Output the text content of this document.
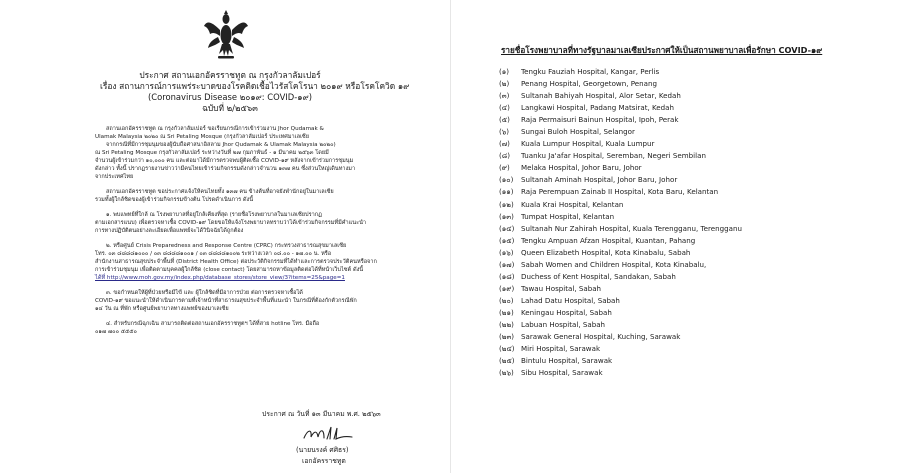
ประกาศ สถานเอกอัครราชทูต ณ กรุงกัวลาลัมเปอร์
เรื่อง สถานการณ์การแพร่ระบาดของโรคติดเชื้อไวรัสโคโรนา ๒๐๑๙ หรือโรคโควิด ๑๙
(Coronavirus Disease ๒๐๑๙: COVID-๑๙)
ฉบับที่ ๒/๒๕๖๓
สถานเอกอัครราชทูต ณ กรุงกัวลาลัมเปอร์ ขอเรียนกรณีการเข้าร่วมงาน Jhor Qudamak &
Ulamak Malaysia ๒๐๒๐ ณ Sri Petaling Mosque (กรุงกัวลาลัมเปอร์ ประเทศมาเลเซีย
จากกรณีที่มีการชุมนุมของผู้นับถือศาสนาอิสลาม Jhor Qudamak & Ulamak Malaysia ๒๐๒๐)
ณ Sri Petaling Mosque กรุงกัวลาลัมเปอร์ ระหว่างวันที่ ๒๗ กุมภาพันธ์ - ๑ มีนาคม ๒๕๖๓ โดยมี
จำนวนผู้เข้าร่วมกว่า ๑๐,๐๐๐ คน และต่อมาได้มีการตรวจพบผู้ติดเชื้อ COVID-๑๙ หลังจากเข้าร่วมการชุมนุม
ดังกล่าว ทั้งนี้ ปรากฏรายงานข่าวว่ามีคนไทยเข้าร่วมกิจกรรมดังกล่าวจำนวน ๑๓๗ คน ซึ่งส่วนใหญ่เดินทางมา
จากประเทศไทย
สถานเอกอัครราชทูต ขอประกาศแจ้งให้คนไทยทั้ง ๑๓๗ คน ข้างต้นที่อาจยังพำนักอยู่ในมาเลเซีย
รวมทั้งผู้ใกล้ชิดของผู้เข้าร่วมกิจกรรมข้างต้น โปรดดำเนินการ ดังนี้
๑. พบแพทย์ที่ใกล้ ณ โรงพยาบาลที่อยู่ใกล้เคียงที่สุด (รายชื่อโรงพยาบาลในมาเลเซียปรากฏ
ตามเอกสารแนบ) เพื่อตรวจหาเชื้อ COVID-๑๙ โดยขอให้แจ้งโรงพยาบาลทราบว่าได้เข้าร่วมกิจกรรมที่มีคำแนะนำ
การทางปฏิบัติตนอย่างละเอียดเพื่อแพทย์จะได้วินิจฉัยได้ถูกต้อง
๒. หรือศูนย์ Crisis Preparedness and Response Centre (CPRC) กระทรวงสาธารณสุขมาเลเซีย
โทร. ๐๓ ๘๘๘๘๑๐๐๐ / ๐๓ ๘๘๘๘๑๐๐๑ / ๐๓ ๘๘๘๘๑๐๐๒ ระหว่างเวลา ๐๘.๐๐ - ๑๗.๐๐ น. หรือ
สำนักงานสาธารณสุขประจำพื้นที่ (District Health Office) ต่อประวัติกิจกรรมที่ได้ทำและการตรวจประวัติคนหรือจาก
การเข้าร่วมชุมนุม เพื่อติดตามบุคคลผู้ใกล้ชิด (close contact) โดยสามารถหาข้อมูลติดต่อได้ที่หน้าเว็บไซต์ ดังนี้
ได้ที่ http://www.moh.gov.my/index.php/database_stores/store_view/3?items=25&page=1
๓. ขอกำหนดให้ผู้ที่ป่วยหรือมีไข้ และ ผู้ใกล้ชิดที่มีอาการป่วย ต่อการตรวจหาเชื้อได้
COVID-๑๙ ขอแนะนำให้ดำเนินการตามที่เจ้าหน้าที่สาธารณสุขประจำพื้นที่แนะนำ ในกรณีที่ต้องกักตัวกรณีพัก
๑๔ วัน ณ ที่พัก หรือศูนย์พยาบาลทางแพทย์ของมาเลเซีย
๔. สำหรับกรณีฉุกเฉิน สามารถติดต่อสถานเอกอัครราชทูตฯ ได้ที่สาย hotline โทร. มือถือ
๐๑๗ ๗๐๐ ๕๕๕๐
ประกาศ ณ วันที่ ๑๓ มีนาคม พ.ศ. ๒๕๖๓
(นายนรงค์ ศศิธร)
เอกอัครราชทูต
รายชื่อโรงพยาบาลที่ทางรัฐบาลมาเลเซียประกาศให้เป็นสถานพยาบาลเพื่อรักษา COVID-๑๙
(๑) Tengku Fauziah Hospital, Kangar, Perlis
(๒) Penang Hospital, Georgetown, Penang
(๓) Sultanah Bahiyah Hospital, Alor Setar, Kedah
(๔) Langkawi Hospital, Padang Matsirat, Kedah
(๕) Raja Permaisuri Bainun Hospital, Ipoh, Perak
(๖) Sungai Buloh Hospital, Selangor
(๗) Kuala Lumpur Hospital, Kuala Lumpur
(๘) Tuanku Ja'afar Hospital, Seremban, Negeri Sembilan
(๙) Melaka Hospital, Johor Baru, Johor
(๑๐) Sultanah Aminah Hospital, Johor Baru, Johor
(๑๑) Raja Perempuan Zainab II Hospital, Kota Baru, Kelantan
(๑๒) Kuala Krai Hospital, Kelantan
(๑๓) Tumpat Hospital, Kelantan
(๑๔) Sultanah Nur Zahirah Hospital, Kuala Terengganu, Terengganu
(๑๕) Tengku Ampuan Afzan Hospital, Kuantan, Pahang
(๑๖) Queen Elizabeth Hospital, Kota Kinabalu, Sabah
(๑๗) Sabah Women and Children Hospital, Kota Kinabalu,
(๑๘) Duchess of Kent Hospital, Sandakan, Sabah
(๑๙) Tawau Hospital, Sabah
(๒๐) Lahad Datu Hospital, Sabah
(๒๑) Keningau Hospital, Sabah
(๒๒) Labuan Hospital, Sabah
(๒๓) Sarawak General Hospital, Kuching, Sarawak
(๒๔) Miri Hospital, Sarawak
(๒๕) Bintulu Hospital, Sarawak
(๒๖) Sibu Hospital, Sarawak
